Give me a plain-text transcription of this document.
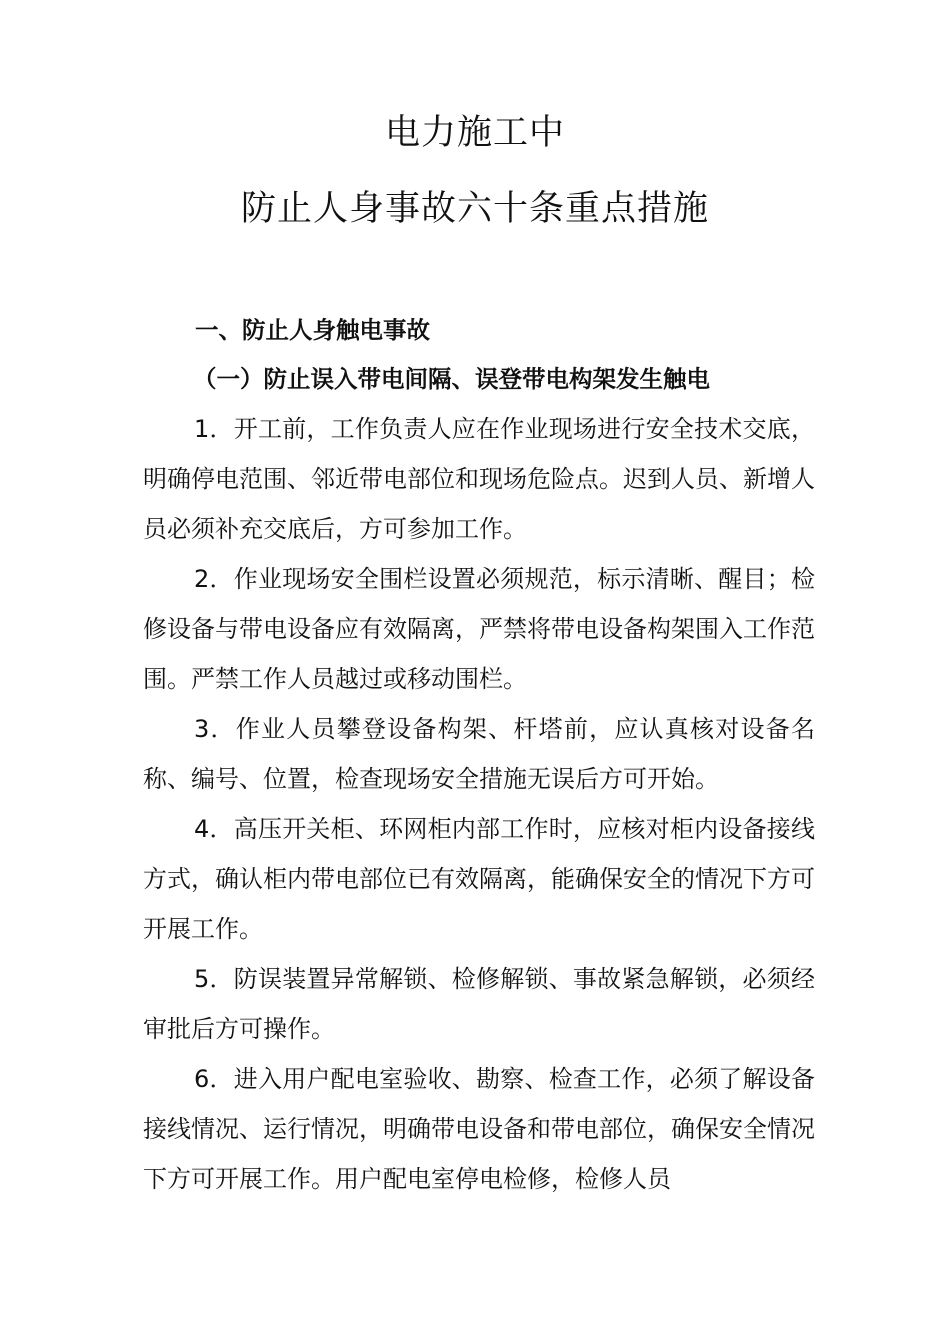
电力施工中
防止人身事故六十条重点措施
一、防止人身触电事故
（一）防止误入带电间隔、误登带电构架发生触电

1．开工前，工作负责人应在作业现场进行安全技术交底，明确停电范围、邻近带电部位和现场危险点。迟到人员、新增人员必须补充交底后，方可参加工作。

2．作业现场安全围栏设置必须规范，标示清晰、醒目；检修设备与带电设备应有效隔离，严禁将带电设备构架围入工作范围。严禁工作人员越过或移动围栏。

3．作业人员攀登设备构架、杆塔前，应认真核对设备名称、编号、位置，检查现场安全措施无误后方可开始。

4．高压开关柜、环网柜内部工作时，应核对柜内设备接线方式，确认柜内带电部位已有效隔离，能确保安全的情况下方可开展工作。

5．防误装置异常解锁、检修解锁、事故紧急解锁，必须经审批后方可操作。

6．进入用户配电室验收、勘察、检查工作，必须了解设备接线情况、运行情况，明确带电设备和带电部位，确保安全情况下方可开展工作。用户配电室停电检修，检修人员
